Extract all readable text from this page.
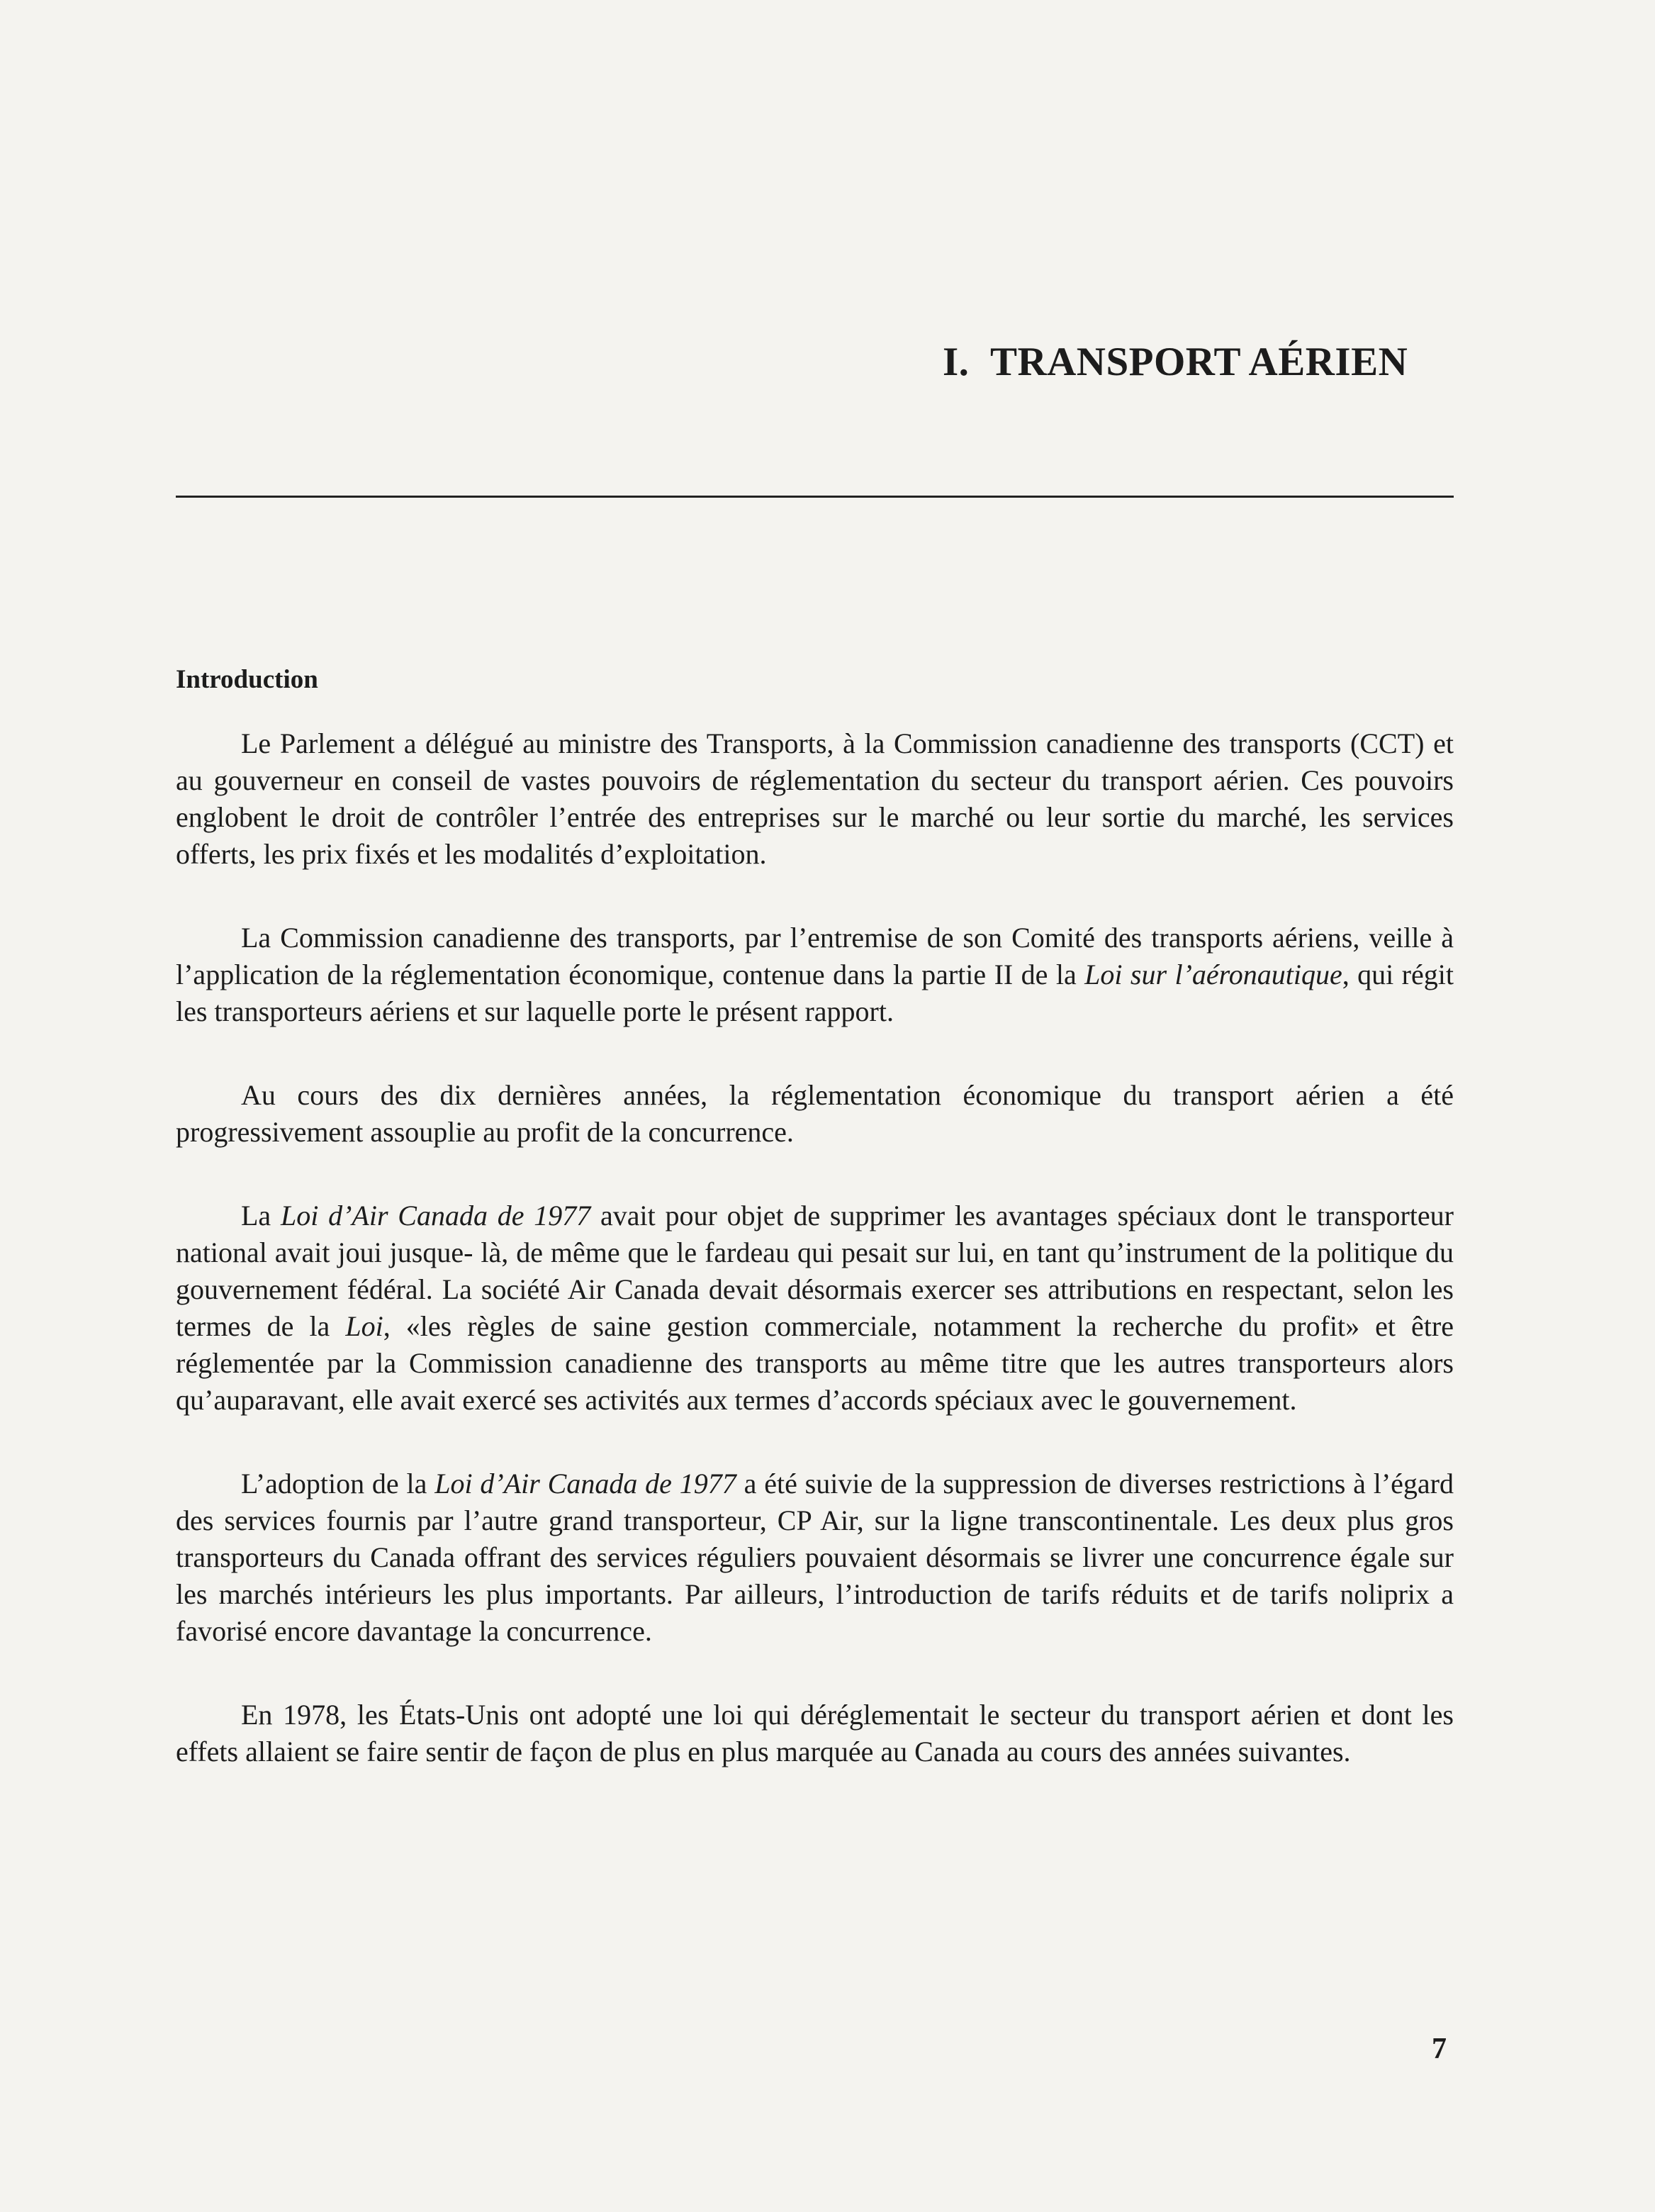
I. TRANSPORT AÉRIEN
Introduction

Le Parlement a délégué au ministre des Transports, à la Commission canadienne des transports (CCT) et au gouverneur en conseil de vastes pouvoirs de réglementation du secteur du transport aérien. Ces pouvoirs englobent le droit de contrôler l’entrée des entreprises sur le marché ou leur sortie du marché, les services offerts, les prix fixés et les modalités d’exploitation.

La Commission canadienne des transports, par l’entremise de son Comité des transports aériens, veille à l’application de la réglementation économique, contenue dans la partie II de la Loi sur l’aéronautique, qui régit les transporteurs aériens et sur laquelle porte le présent rapport.

Au cours des dix dernières années, la réglementation économique du transport aérien a été progressivement assouplie au profit de la concurrence.

La Loi d’Air Canada de 1977 avait pour objet de supprimer les avantages spéciaux dont le transporteur national avait joui jusque- là, de même que le fardeau qui pesait sur lui, en tant qu’instrument de la politique du gouvernement fédéral. La société Air Canada devait désormais exercer ses attributions en respectant, selon les termes de la Loi, «les règles de saine gestion commerciale, notamment la recherche du profit» et être réglementée par la Commission canadienne des transports au même titre que les autres transporteurs alors qu’auparavant, elle avait exercé ses activités aux termes d’accords spéciaux avec le gouvernement.

L’adoption de la Loi d’Air Canada de 1977 a été suivie de la suppression de diverses restrictions à l’égard des services fournis par l’autre grand transporteur, CP Air, sur la ligne transcontinentale. Les deux plus gros transporteurs du Canada offrant des services réguliers pouvaient désormais se livrer une concurrence égale sur les marchés intérieurs les plus importants. Par ailleurs, l’introduction de tarifs réduits et de tarifs noliprix a favorisé encore davantage la concurrence.

En 1978, les États-Unis ont adopté une loi qui déréglementait le secteur du transport aérien et dont les effets allaient se faire sentir de façon de plus en plus marquée au Canada au cours des années suivantes.

7
